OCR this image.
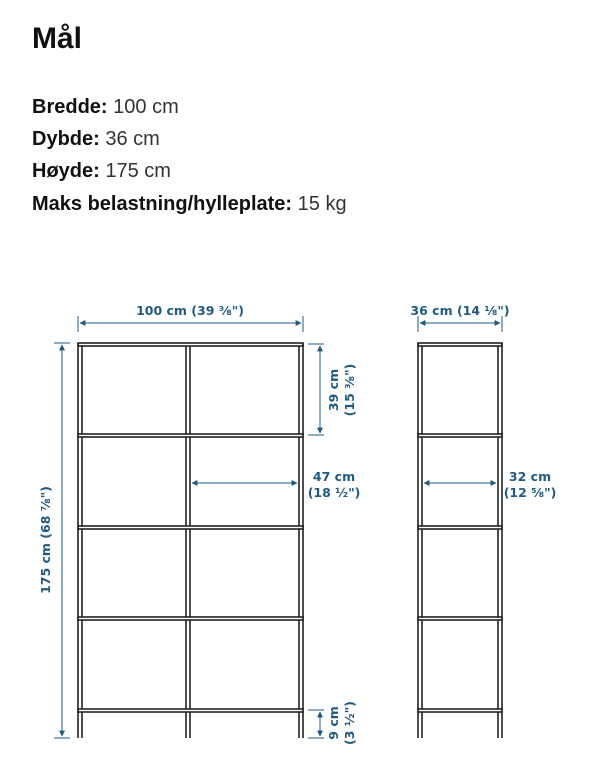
Mål
Bredde: 100 cm
Dybde: 36 cm
Høyde: 175 cm
Maks belastning/hylleplate: 15 kg
100 cm (39 ⅜")	36 cm (14 ⅛")
175 cm (68 ⅞")
39 cm (15 ⅜")
47 cm
(18 ½")
32 cm
(12 ⅝")
9 cm (3 ½")
